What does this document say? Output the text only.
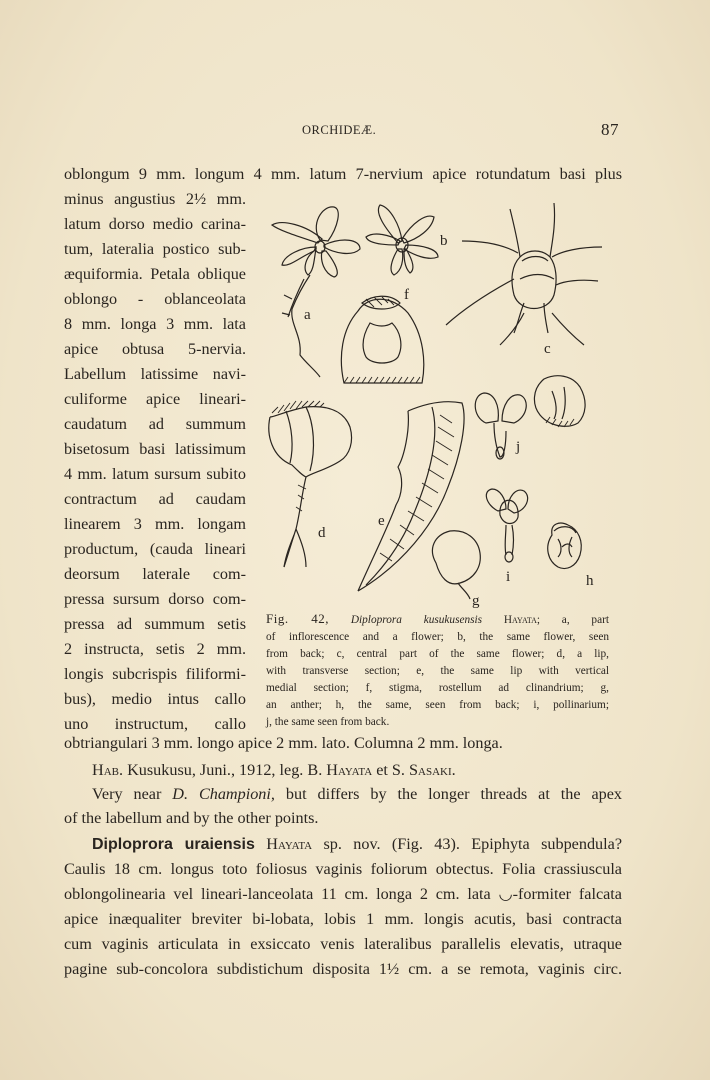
ORCHIDEÆ.	87
oblongum 9 mm. longum 4 mm. latum 7-nervium apice rotundatum basi plus
minus angustius 2½ mm.
latum dorso medio carina-
tum, lateralia postico sub-
æquiformia. Petala oblique
oblongo - oblanceolata
8 mm. longa 3 mm. lata
apice obtusa 5-nervia.
Labellum latissime navi-
culiforme apice lineari-
caudatum ad summum
bisetosum basi latissimum
4 mm. latum sursum subito
contractum ad caudam
linearem 3 mm. longam
productum, (cauda lineari
deorsum laterale com-
pressa sursum dorso com-
pressa ad summum setis
2 instructa, setis 2 mm.
longis subcrispis filiformi-
bus), medio intus callo
uno instructum, callo
a
b
c
f
d
e
j
i	h
g
Fig. 42, Diploprora kusukusensis Hayata; a, part
of inflorescence and a flower; b, the same flower, seen
from back; c, central part of the same flower; d, a lip,
with transverse section; e, the same lip with vertical
medial section; f, stigma, rostellum ad clinandrium; g,
an anther; h, the same, seen from back; i, pollinarium;
j, the same seen from back.
obtriangulari 3 mm. longo apice 2 mm. lato. Columna 2 mm. longa.
Hab. Kusukusu, Juni., 1912, leg. B. Hayata et S. Sasaki.
Very near D. Championi, but differs by the longer threads at the apex
of the labellum and by the other points.
Diploprora uraiensis Hayata sp. nov. (Fig. 43). Epiphyta subpendula?
Caulis 18 cm. longus toto foliosus vaginis foliorum obtectus. Folia crassiuscula
oblongolinearia vel lineari-lanceolata 11 cm. longa 2 cm. lata ◡-formiter falcata
apice inæqualiter breviter bi-lobata, lobis 1 mm. longis acutis, basi contracta
cum vaginis articulata in exsiccato venis lateralibus parallelis elevatis, utraque
pagine sub-concolora subdistichum disposita 1½ cm. a se remota, vaginis circ.
